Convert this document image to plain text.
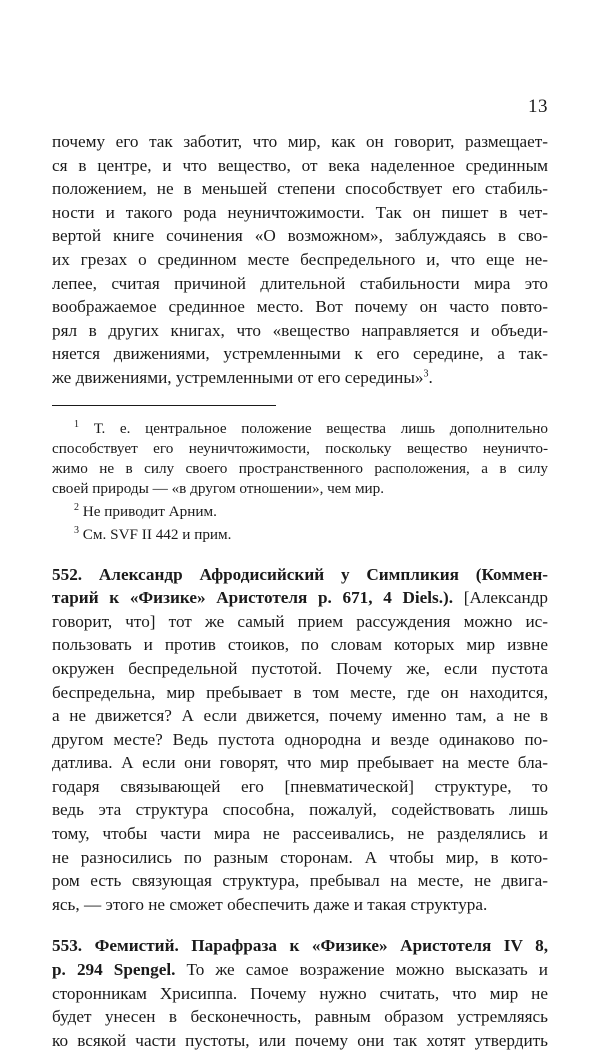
13
почему его так заботит, что мир, как он говорит, размещает-
ся в центре, и что вещество, от века наделенное срединным
положением, не в меньшей степени способствует его стабиль-
ности и такого рода неуничтожимости. Так он пишет в чет-
вертой книге сочинения «О возможном», заблуждаясь в сво-
их грезах о срединном месте беспредельного и, что еще не-
лепее, считая причиной длительной стабильности мира это
воображаемое срединное место. Вот почему он часто повто-
рял в других книгах, что «вещество направляется и объеди-
няется движениями, устремленными к его середине, а так-
же движениями, устремленными от его середины»$^3$.
$^1$ Т. е. центральное положение вещества лишь дополнительно
способствует его неуничтожимости, поскольку вещество неуничто-
жимо не в силу своего пространственного расположения, а в силу
своей природы — «в другом отношении», чем мир.
$^2$ Не приводит Арним.
$^3$ См. SVF II 442 и прим.
552. Александр Афродисийский у Симпликия (Коммен-
тарий к «Физике» Аристотеля p. 671, 4 Diels.). [Александр
говорит, что] тот же самый прием рассуждения можно ис-
пользовать и против стоиков, по словам которых мир извне
окружен беспредельной пустотой. Почему же, если пустота
беспредельна, мир пребывает в том месте, где он находится,
а не движется? А если движется, почему именно там, а не в
другом месте? Ведь пустота однородна и везде одинаково по-
датлива. А если они говорят, что мир пребывает на месте бла-
годаря связывающей его [пневматической] структуре, то
ведь эта структура способна, пожалуй, содействовать лишь
тому, чтобы части мира не рассеивались, не разделялись и
не разносились по разным сторонам. А чтобы мир, в кото-
ром есть связующая структура, пребывал на месте, не двига-
ясь, — этого не сможет обеспечить даже и такая структура.
553. Фемистий. Парафраза к «Физике» Аристотеля IV 8,
p. 294 Spengel. То же самое возражение можно высказать и
сторонникам Хрисиппа. Почему нужно считать, что мир не
будет унесен в бесконечность, равным образом устремляясь
ко всякой части пустоты, или почему они так хотят утвердить
